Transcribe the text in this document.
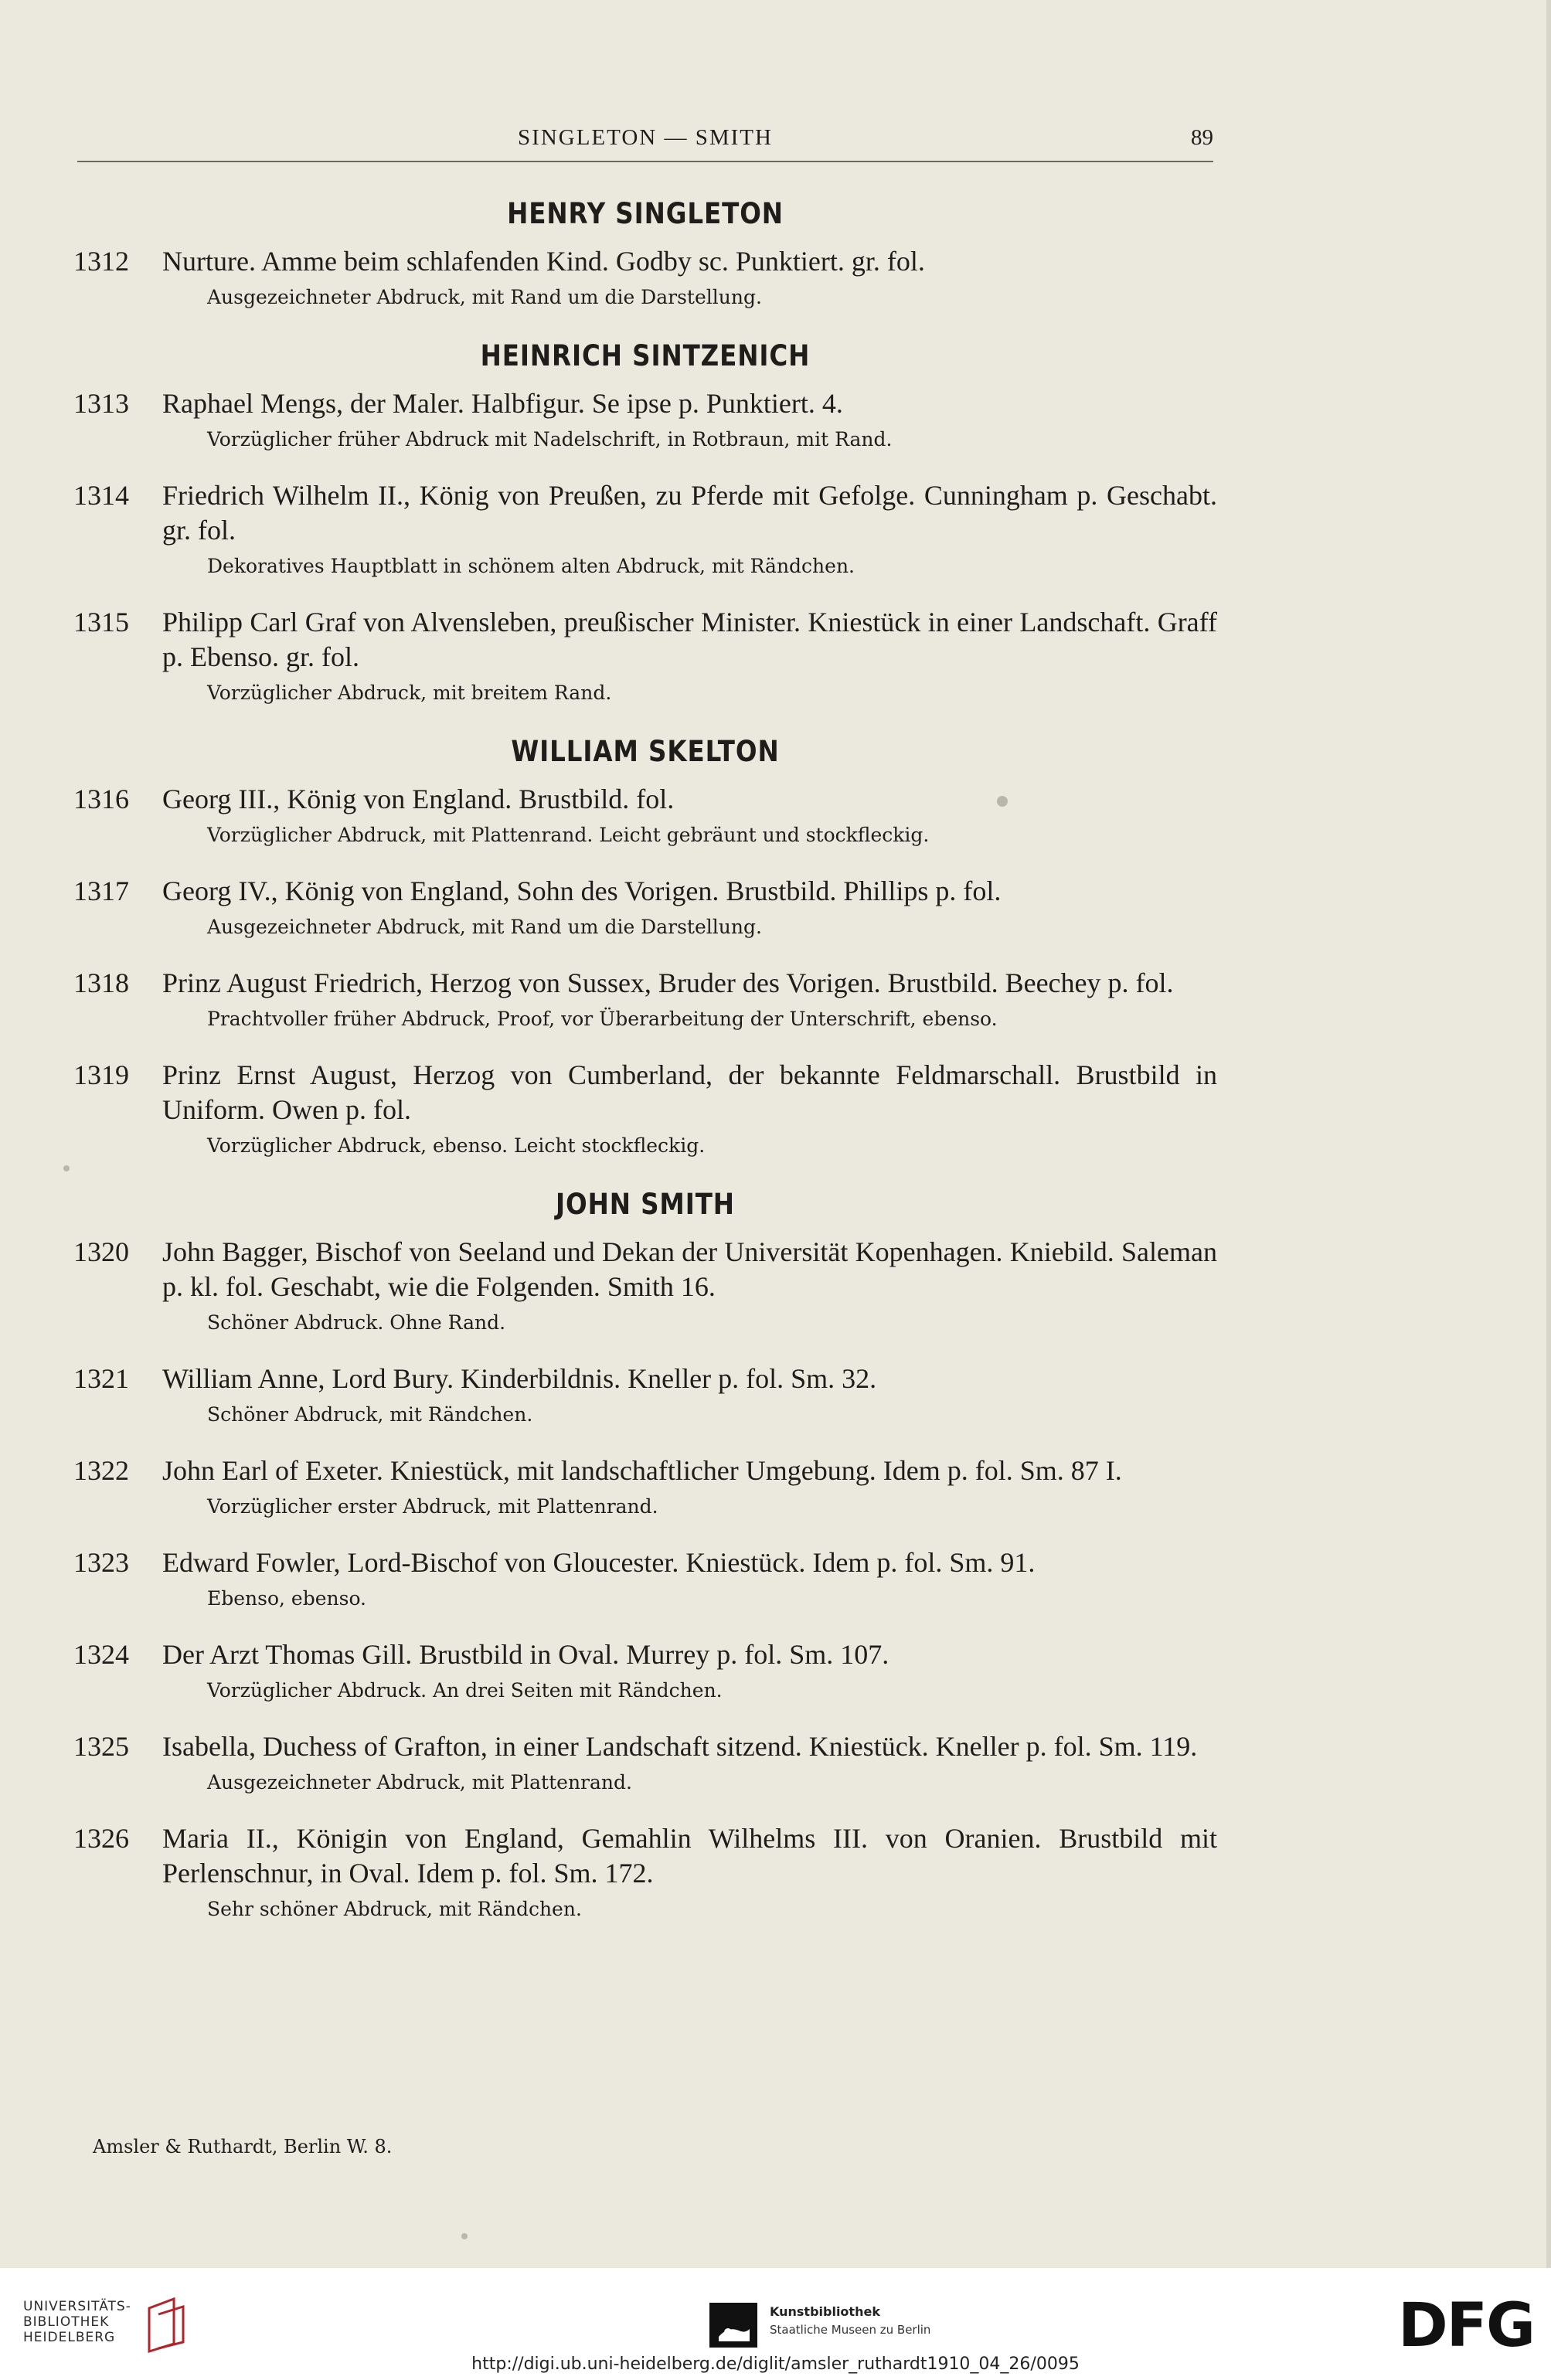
SINGLETON — SMITH	89
HENRY SINGLETON
1312 Nurture. Amme beim schlafenden Kind. Godby sc. Punktiert. gr. fol.
Ausgezeichneter Abdruck, mit Rand um die Darstellung.
HEINRICH SINTZENICH
1313 Raphael Mengs, der Maler. Halbfigur. Se ipse p. Punktiert. 4.
Vorzüglicher früher Abdruck mit Nadelschrift, in Rotbraun, mit Rand.
1314 Friedrich Wilhelm II., König von Preußen, zu Pferde mit Gefolge. Cunningham p. Geschabt. gr. fol.
Dekoratives Hauptblatt in schönem alten Abdruck, mit Rändchen.
1315 Philipp Carl Graf von Alvensleben, preußischer Minister. Kniestück in einer Landschaft. Graff p. Ebenso. gr. fol.
Vorzüglicher Abdruck, mit breitem Rand.
WILLIAM SKELTON
1316 Georg III., König von England. Brustbild. fol.
Vorzüglicher Abdruck, mit Plattenrand. Leicht gebräunt und stockfleckig.
1317 Georg IV., König von England, Sohn des Vorigen. Brustbild. Phillips p. fol.
Ausgezeichneter Abdruck, mit Rand um die Darstellung.
1318 Prinz August Friedrich, Herzog von Sussex, Bruder des Vorigen. Brustbild. Beechey p. fol.
Prachtvoller früher Abdruck, Proof, vor Überarbeitung der Unterschrift, ebenso.
1319 Prinz Ernst August, Herzog von Cumberland, der bekannte Feldmarschall. Brustbild in Uniform. Owen p. fol.
Vorzüglicher Abdruck, ebenso. Leicht stockfleckig.
JOHN SMITH
1320 John Bagger, Bischof von Seeland und Dekan der Universität Kopenhagen. Kniebild. Saleman p. kl. fol. Geschabt, wie die Folgenden. Smith 16.
Schöner Abdruck. Ohne Rand.
1321 William Anne, Lord Bury. Kinderbildnis. Kneller p. fol. Sm. 32.
Schöner Abdruck, mit Rändchen.
1322 John Earl of Exeter. Kniestück, mit landschaftlicher Umgebung. Idem p. fol. Sm. 87 I.
Vorzüglicher erster Abdruck, mit Plattenrand.
1323 Edward Fowler, Lord-Bischof von Gloucester. Kniestück. Idem p. fol. Sm. 91.
Ebenso, ebenso.
1324 Der Arzt Thomas Gill. Brustbild in Oval. Murrey p. fol. Sm. 107.
Vorzüglicher Abdruck. An drei Seiten mit Rändchen.
1325 Isabella, Duchess of Grafton, in einer Landschaft sitzend. Kniestück. Kneller p. fol. Sm. 119.
Ausgezeichneter Abdruck, mit Plattenrand.
1326 Maria II., Königin von England, Gemahlin Wilhelms III. von Oranien. Brustbild mit Perlenschnur, in Oval. Idem p. fol. Sm. 172.
Sehr schöner Abdruck, mit Rändchen.
Amsler & Ruthardt, Berlin W. 8.
UNIVERSITÄTS-
BIBLIOTHEK
HEIDELBERG
Kunstbibliothek
Staatliche Museen zu Berlin	DFG
http://digi.ub.uni-heidelberg.de/diglit/amsler_ruthardt1910_04_26/0095
